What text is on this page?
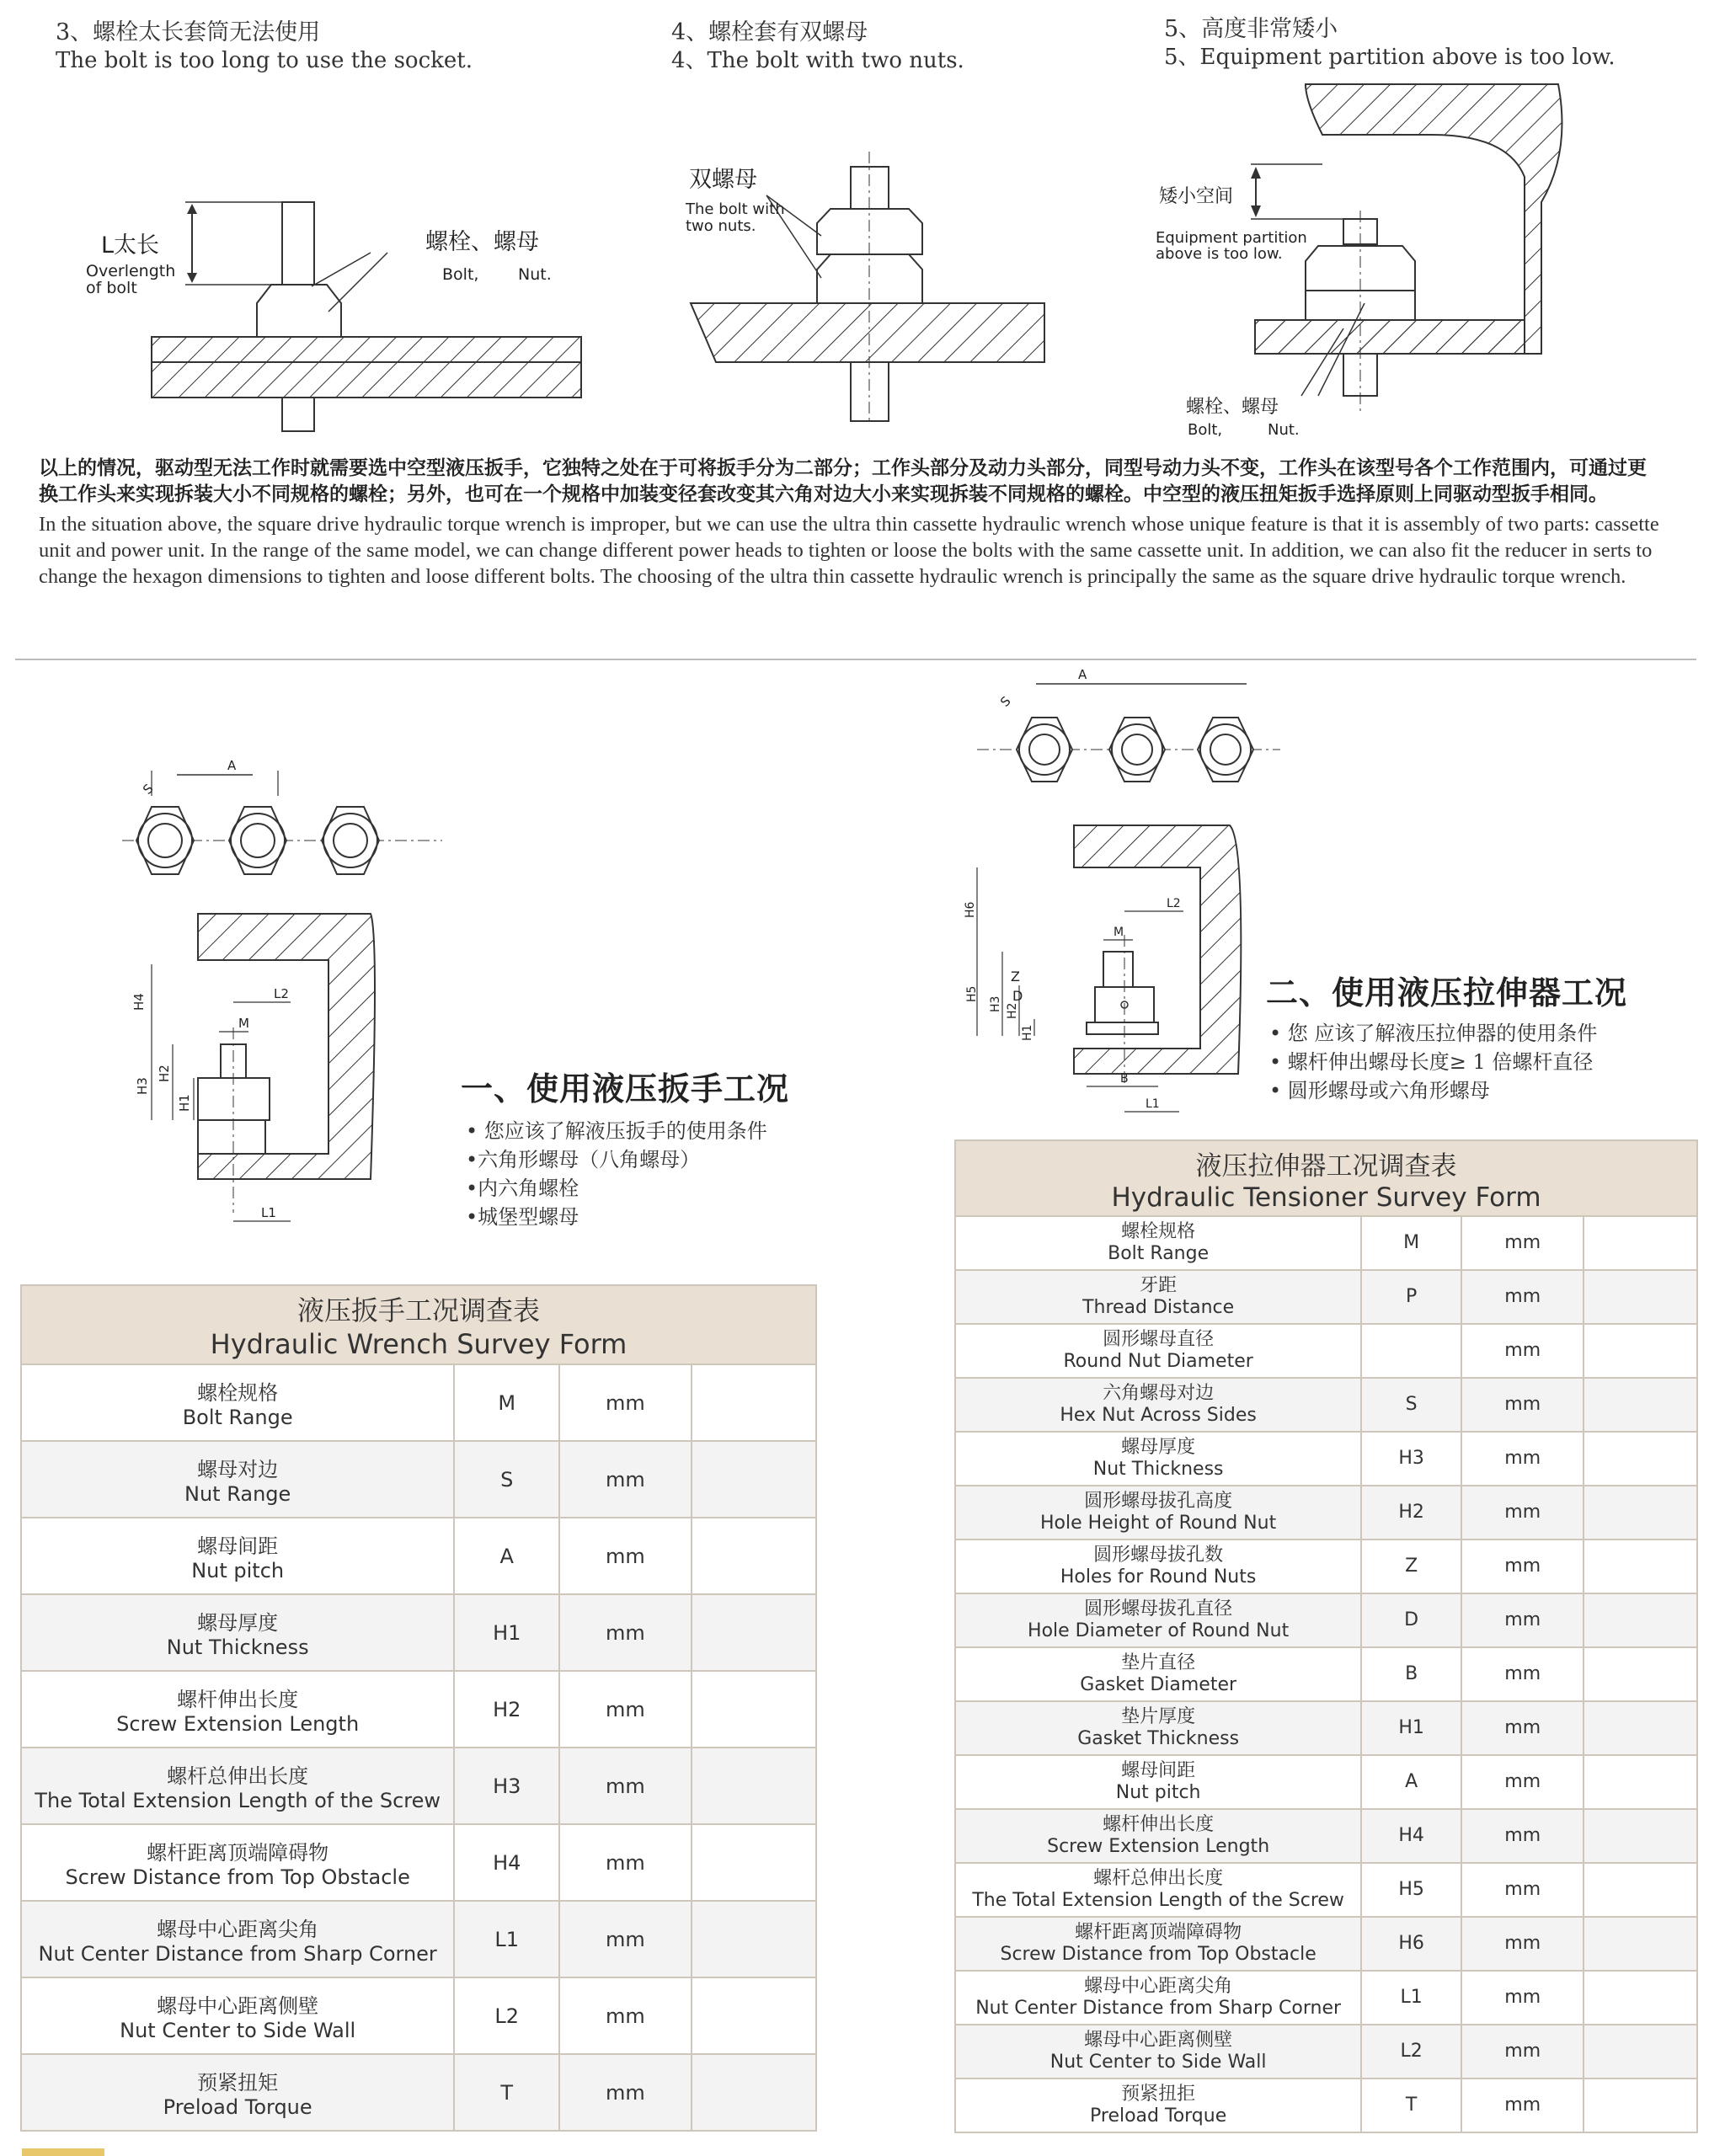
3、螺栓太长套筒无法使用
The bolt is too long to use the socket.
4、螺栓套有双螺母
4、The bolt with two nuts.
5、高度非常矮小
5、Equipment partition above is too low.
L太长
Overlength
of bolt
螺栓、螺母
Bolt, Nut.
双螺母
The bolt with
two nuts.
矮小空间
Equipment partition
above is too low.
螺栓、螺母
Bolt,	Nut.
以上的情况，驱动型无法工作时就需要选中空型液压扳手，它独特之处在于可将扳手分为二部分；工作头部分及动力头部分，同型号动力头不变，工作头在该型号各个工作范围内，可通过更换工作头来实现拆装大小不同规格的螺栓；另外，也可在一个规格中加装变径套改变其六角对边大小来实现拆装不同规格的螺栓。中空型的液压扭矩扳手选择原则上同驱动型扳手相同。
In the situation above, the square drive hydraulic torque wrench is improper, but we can use the ultra thin cassette hydraulic wrench whose unique feature is that it is assembly of two parts: cassette unit and power unit. In the range of the same model, we can change different power heads to tighten or loose the bolts with the same cassette unit. In addition, we can also fit the reducer in serts to change the hexagon dimensions to tighten and loose different bolts. The choosing of the ultra thin cassette hydraulic wrench is principally the same as the square drive hydraulic torque wrench.
A
S
H4
H3
H2
H1
L2
M
L1
一、使用液压扳手工况
• 您应该了解液压扳手的使用条件
•六角形螺母（八角螺母）
•内六角螺栓
•城堡型螺母
A
S
H6
H5
H3 H2
H1
Z
D
L2
M
B
L1
二、使用液压拉伸器工况
• 您 应该了解液压拉伸器的使用条件
• 螺杆伸出螺母长度≥ 1 倍螺杆直径
• 圆形螺母或六角形螺母
液压扳手工况调查表
Hydraulic Wrench Survey Form			

螺栓规格
Bolt Range	M	mm	

螺母对边
Nut Range	S	mm	

螺母间距
Nut pitch	A	mm	

螺母厚度
Nut Thickness	H1	mm	

螺杆伸出长度
Screw Extension Length	H2	mm	

螺杆总伸出长度
The Total Extension Length of the Screw	H3	mm	

螺杆距离顶端障碍物
Screw Distance from Top Obstacle	H4	mm	

螺母中心距离尖角
Nut Center Distance from Sharp Corner	L1	mm	

螺母中心距离侧壁
Nut Center to Side Wall	L2	mm	

预紧扭矩
Preload Torque	T	mm	
液压拉伸器工况调查表
Hydraulic Tensioner Survey Form			

螺栓规格
Bolt Range	M	mm	

牙距
Thread Distance	P	mm	

圆形螺母直径
Round Nut Diameter		mm	

六角螺母对边
Hex Nut Across Sides	S	mm	

螺母厚度
Nut Thickness	H3	mm	

圆形螺母拔孔高度
Hole Height of Round Nut	H2	mm	

圆形螺母拔孔数
Holes for Round Nuts	Z	mm	

圆形螺母拔孔直径
Hole Diameter of Round Nut	D	mm	

垫片直径
Gasket Diameter	B	mm	

垫片厚度
Gasket Thickness	H1	mm	

螺母间距
Nut pitch	A	mm	

螺杆伸出长度
Screw Extension Length	H4	mm	

螺杆总伸出长度
The Total Extension Length of the Screw	H5	mm	

螺杆距离顶端障碍物
Screw Distance from Top Obstacle	H6	mm	

螺母中心距离尖角
Nut Center Distance from Sharp Corner	L1	mm	

螺母中心距离侧壁
Nut Center to Side Wall	L2	mm	

预紧扭拒
Preload Torque	T	mm	
